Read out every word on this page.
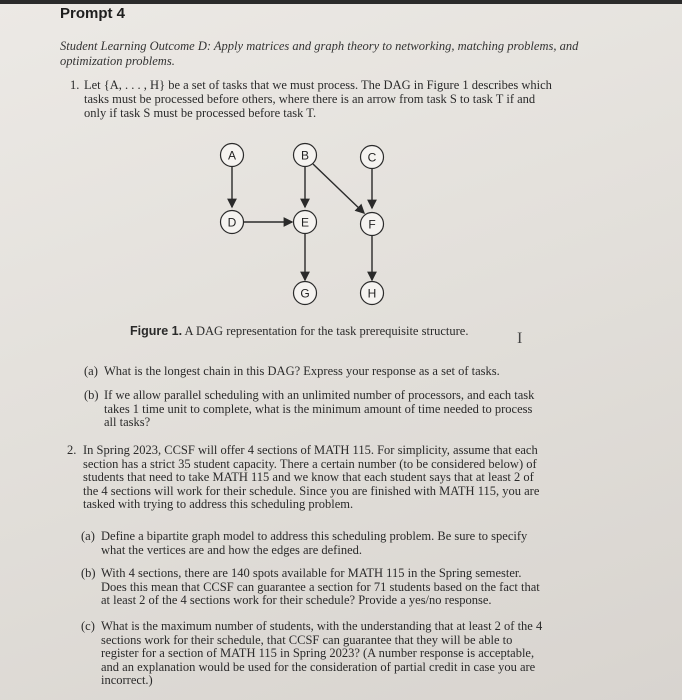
Prompt 4
Student Learning Outcome D: Apply matrices and graph theory to networking, matching problems, and optimization problems.
1. Let {A, . . . , H} be a set of tasks that we must process. The DAG in Figure 1 describes which tasks must be processed before others, where there is an arrow from task S to task T if and only if task S must be processed before task T.
A	B	C
D	E	F
G	H
Figure 1. A DAG representation for the task prerequisite structure.	I
(a) What is the longest chain in this DAG? Express your response as a set of tasks.
(b) If we allow parallel scheduling with an unlimited number of processors, and each task takes 1 time unit to complete, what is the minimum amount of time needed to process all tasks?
2. In Spring 2023, CCSF will offer 4 sections of MATH 115. For simplicity, assume that each section has a strict 35 student capacity. There a certain number (to be considered below) of students that need to take MATH 115 and we know that each student says that at least 2 of the 4 sections will work for their schedule. Since you are finished with MATH 115, you are tasked with trying to address this scheduling problem.
(a) Define a bipartite graph model to address this scheduling problem. Be sure to specify what the vertices are and how the edges are defined.
(b) With 4 sections, there are 140 spots available for MATH 115 in the Spring semester. Does this mean that CCSF can guarantee a section for 71 students based on the fact that at least 2 of the 4 sections work for their schedule? Provide a yes/no response.
(c) What is the maximum number of students, with the understanding that at least 2 of the 4 sections work for their schedule, that CCSF can guarantee that they will be able to register for a section of MATH 115 in Spring 2023? (A number response is acceptable, and an explanation would be used for the consideration of partial credit in case you are incorrect.)
